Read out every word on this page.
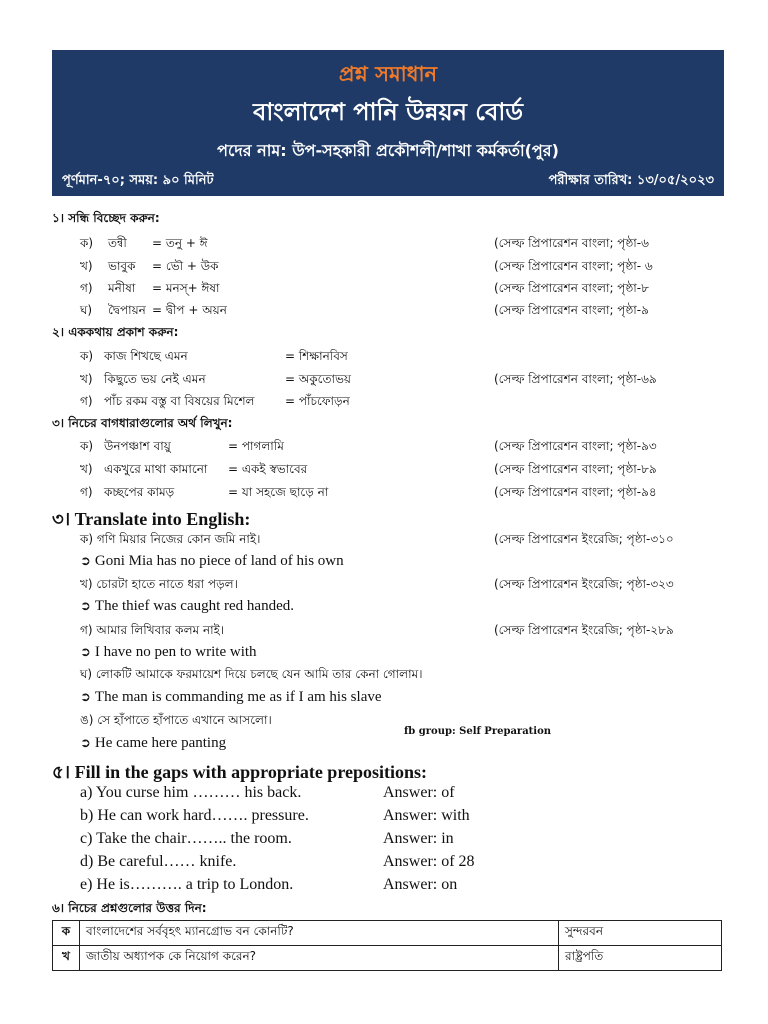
প্রশ্ন সমাধান
বাংলাদেশ পানি উন্নয়ন বোর্ড
পদের নাম: উপ-সহকারী প্রকৌশলী/শাখা কর্মকর্তা(পুর)
পূর্ণমান-৭০; সময়: ৯০ মিনিট	পরীক্ষার তারিখ: ১৩/০৫/২০২৩
১। সন্ধি বিচ্ছেদ করুন:
ক) তন্বী = তনু + ঈ	(সেল্ফ প্রিপারেশন বাংলা; পৃষ্ঠা-৬
খ) ভাবুক = ভৌ + উক	(সেল্ফ প্রিপারেশন বাংলা; পৃষ্ঠা- ৬
গ) মনীষা = মনস্+ ঈষা	(সেল্ফ প্রিপারেশন বাংলা; পৃষ্ঠা-৮
ঘ) দ্বৈপায়ন = দ্বীপ + অয়ন	(সেল্ফ প্রিপারেশন বাংলা; পৃষ্ঠা-৯
২। এককথায় প্রকাশ করুন:
ক) কাজ শিখছে এমন	= শিক্ষানবিস
খ) কিছুতে ভয় নেই এমন	= অকুতোভয়	(সেল্ফ প্রিপারেশন বাংলা; পৃষ্ঠা-৬৯
গ) পাঁচ রকম বস্তু বা বিষয়ের মিশেল	= পাঁচফোড়ন
৩। নিচের বাগধারাগুলোর অর্থ লিখুন:
ক) উনপঞ্চাশ বায়ু	= পাগলামি	(সেল্ফ প্রিপারেশন বাংলা; পৃষ্ঠা-৯৩
খ) একখুরে মাথা কামানো = একই স্বভাবের	(সেল্ফ প্রিপারেশন বাংলা; পৃষ্ঠা-৮৯
গ) কচ্ছপের কামড়	= যা সহজে ছাড়ে না	(সেল্ফ প্রিপারেশন বাংলা; পৃষ্ঠা-৯৪
৩। Translate into English:
ক) গণি মিয়ার নিজের কোন জমি নাই।	(সেল্ফ প্রিপারেশন ইংরেজি; পৃষ্ঠা-৩১০
➲ Goni Mia has no piece of land of his own
খ) চোরটা হাতে নাতে ধরা পড়ল।	(সেল্ফ প্রিপারেশন ইংরেজি; পৃষ্ঠা-৩২৩
➲ The thief was caught red handed.
গ) আমার লিখিবার কলম নাই।	(সেল্ফ প্রিপারেশন ইংরেজি; পৃষ্ঠা-২৮৯
➲ I have no pen to write with
ঘ) লোকটি আমাকে ফরমায়েশ দিয়ে চলছে যেন আমি তার কেনা গোলাম।
➲ The man is commanding me as if I am his slave
ঙ) সে হাঁপাতে হাঁপাতে এখানে আসলো।
fb group: Self Preparation
➲ He came here panting
৫। Fill in the gaps with appropriate prepositions:
a) You curse him ……… his back.	Answer: of
b) He can work hard……. pressure.	Answer: with
c) Take the chair…….. the room.	Answer: in
d) Be careful…… knife.	Answer: of 28
e) He is………. a trip to London.	Answer: on
৬। নিচের প্রশ্নগুলোর উত্তর দিন:
ক	বাংলাদেশের সর্ববৃহৎ ম্যানগ্রোভ বন কোনটি?	সুন্দরবন
খ	জাতীয় অধ্যাপক কে নিয়োগ করেন?	রাষ্ট্রপতি
